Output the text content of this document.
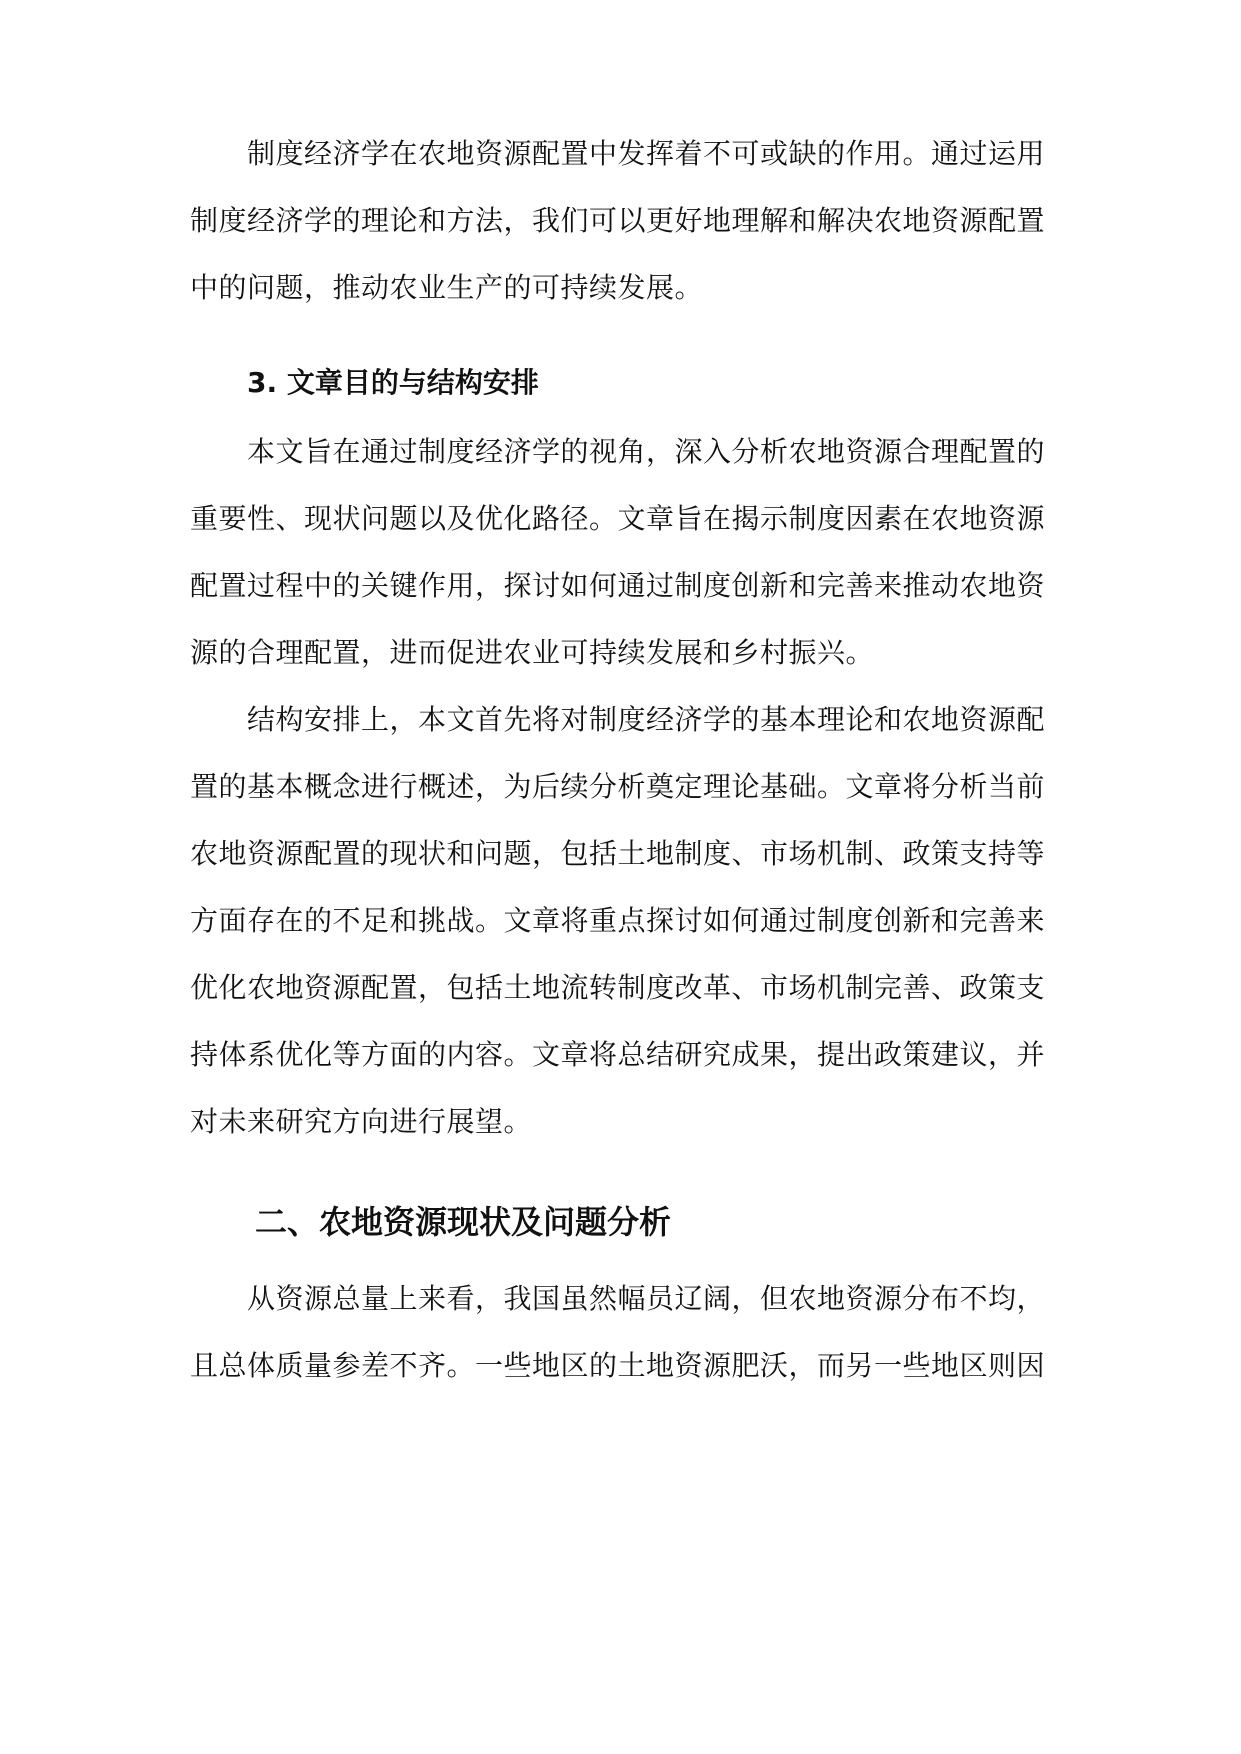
制度经济学在农地资源配置中发挥着不可或缺的作用。通过运用
制度经济学的理论和方法，我们可以更好地理解和解决农地资源配置
中的问题，推动农业生产的可持续发展。
3. 文章目的与结构安排
本文旨在通过制度经济学的视角，深入分析农地资源合理配置的
重要性、现状问题以及优化路径。文章旨在揭示制度因素在农地资源
配置过程中的关键作用，探讨如何通过制度创新和完善来推动农地资
源的合理配置，进而促进农业可持续发展和乡村振兴。
结构安排上，本文首先将对制度经济学的基本理论和农地资源配
置的基本概念进行概述，为后续分析奠定理论基础。文章将分析当前
农地资源配置的现状和问题，包括土地制度、市场机制、政策支持等
方面存在的不足和挑战。文章将重点探讨如何通过制度创新和完善来
优化农地资源配置，包括土地流转制度改革、市场机制完善、政策支
持体系优化等方面的内容。文章将总结研究成果，提出政策建议，并
对未来研究方向进行展望。
二、农地资源现状及问题分析
从资源总量上来看，我国虽然幅员辽阔，但农地资源分布不均，
且总体质量参差不齐。一些地区的土地资源肥沃，而另一些地区则因
